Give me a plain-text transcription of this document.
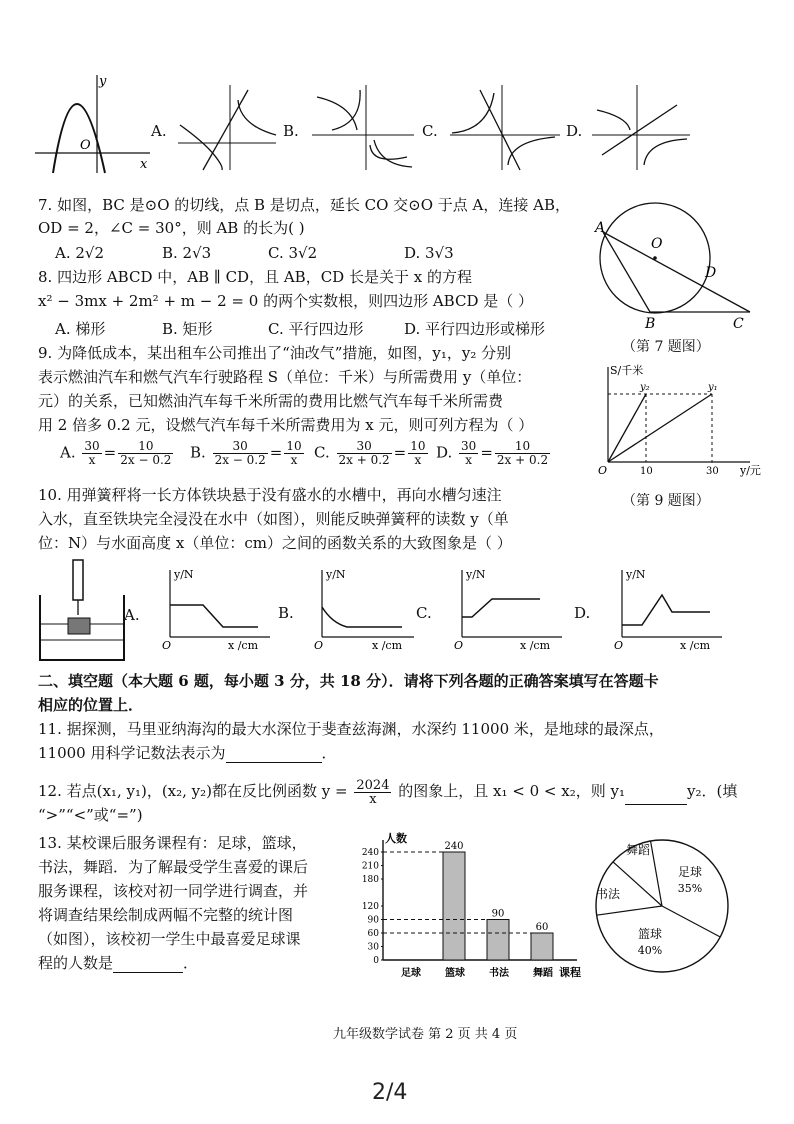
y
x
O
A.	B.	C.	D.
7. 如图，BC 是⊙O 的切线，点 B 是切点，延长 CO 交⊙O 于点 A，连接 AB，
OD = 2，∠C = 30°，则 AB 的长为( )
A. 2√2	B. 2√3	C. 3√2	D. 3√3
A
O
D
B	C
（第 7 题图）
8. 四边形 ABCD 中，AB ∥ CD，且 AB，CD 长是关于 x 的方程
x² − 3mx + 2m² + m − 2 = 0 的两个实数根，则四边形 ABCD 是（ ）
A. 梯形	B. 矩形	C. 平行四边形	D. 平行四边形或梯形
9. 为降低成本，某出租车公司推出了“油改气”措施，如图，y₁，y₂ 分别
表示燃油汽车和燃气汽车行驶路程 S（单位：千米）与所需费用 y（单位：
元）的关系，已知燃油汽车每千米所需的费用比燃气汽车每千米所需费
用 2 倍多 0.2 元，设燃气汽车每千米所需费用为 x 元，则可列方程为（ ）
A. $\frac{30}{x} = \frac{10}{2x - 0.2} B$. $\frac{30}{2x - 0.2} = \frac{10}{x} C$. $\frac{30}{2x + 0.2} = \frac{10}{x} D$. $\frac{30}{x} = \frac{10}{2x + 0.2}$
S/千米
y₂	y₁
10	30 y/元
O
（第 9 题图）
10. 用弹簧秤将一长方体铁块悬于没有盛水的水槽中，再向水槽匀速注
入水，直至铁块完全浸没在水中（如图），则能反映弹簧秤的读数 y（单
位：N）与水面高度 x（单位：cm）之间的函数关系的大致图象是（ ）
A.
y/N
x /cm
O
B.
y/N
x /cm
O
C.
y/N
x /cm
O
D.
y/N
x /cm
O
二、填空题（本大题 6 题，每小题 3 分，共 18 分）．请将下列各题的正确答案填写在答题卡
相应的位置上．
11. 据探测，马里亚纳海沟的最大水深位于斐查兹海渊，水深约 11000 米，是地球的最深点，
11000 用科学记数法表示为	．
12. 若点(x₁, y₁)，(x₂, y₂)都在反比例函数 $y = \frac{2024}{x}$ 的图象上，且 x₁ < 0 < x₂，则 y₁	y₂．(填
“>”“<”或“=”)
13. 某校课后服务课程有：足球，篮球，
书法，舞蹈．为了解最受学生喜爱的课后
服务课程，该校对初一同学进行调查，并
将调查结果绘制成两幅不完整的统计图
（如图），该校初一学生中最喜爱足球课
程的人数是	．
人数
课程
0
30
60
90
120
180
210
240
足球 篮球
240
书法
90
舞蹈
60
足球
35%
篮球
40%
书法
舞蹈
九年级数学试卷 第 2 页 共 4 页
2/4
